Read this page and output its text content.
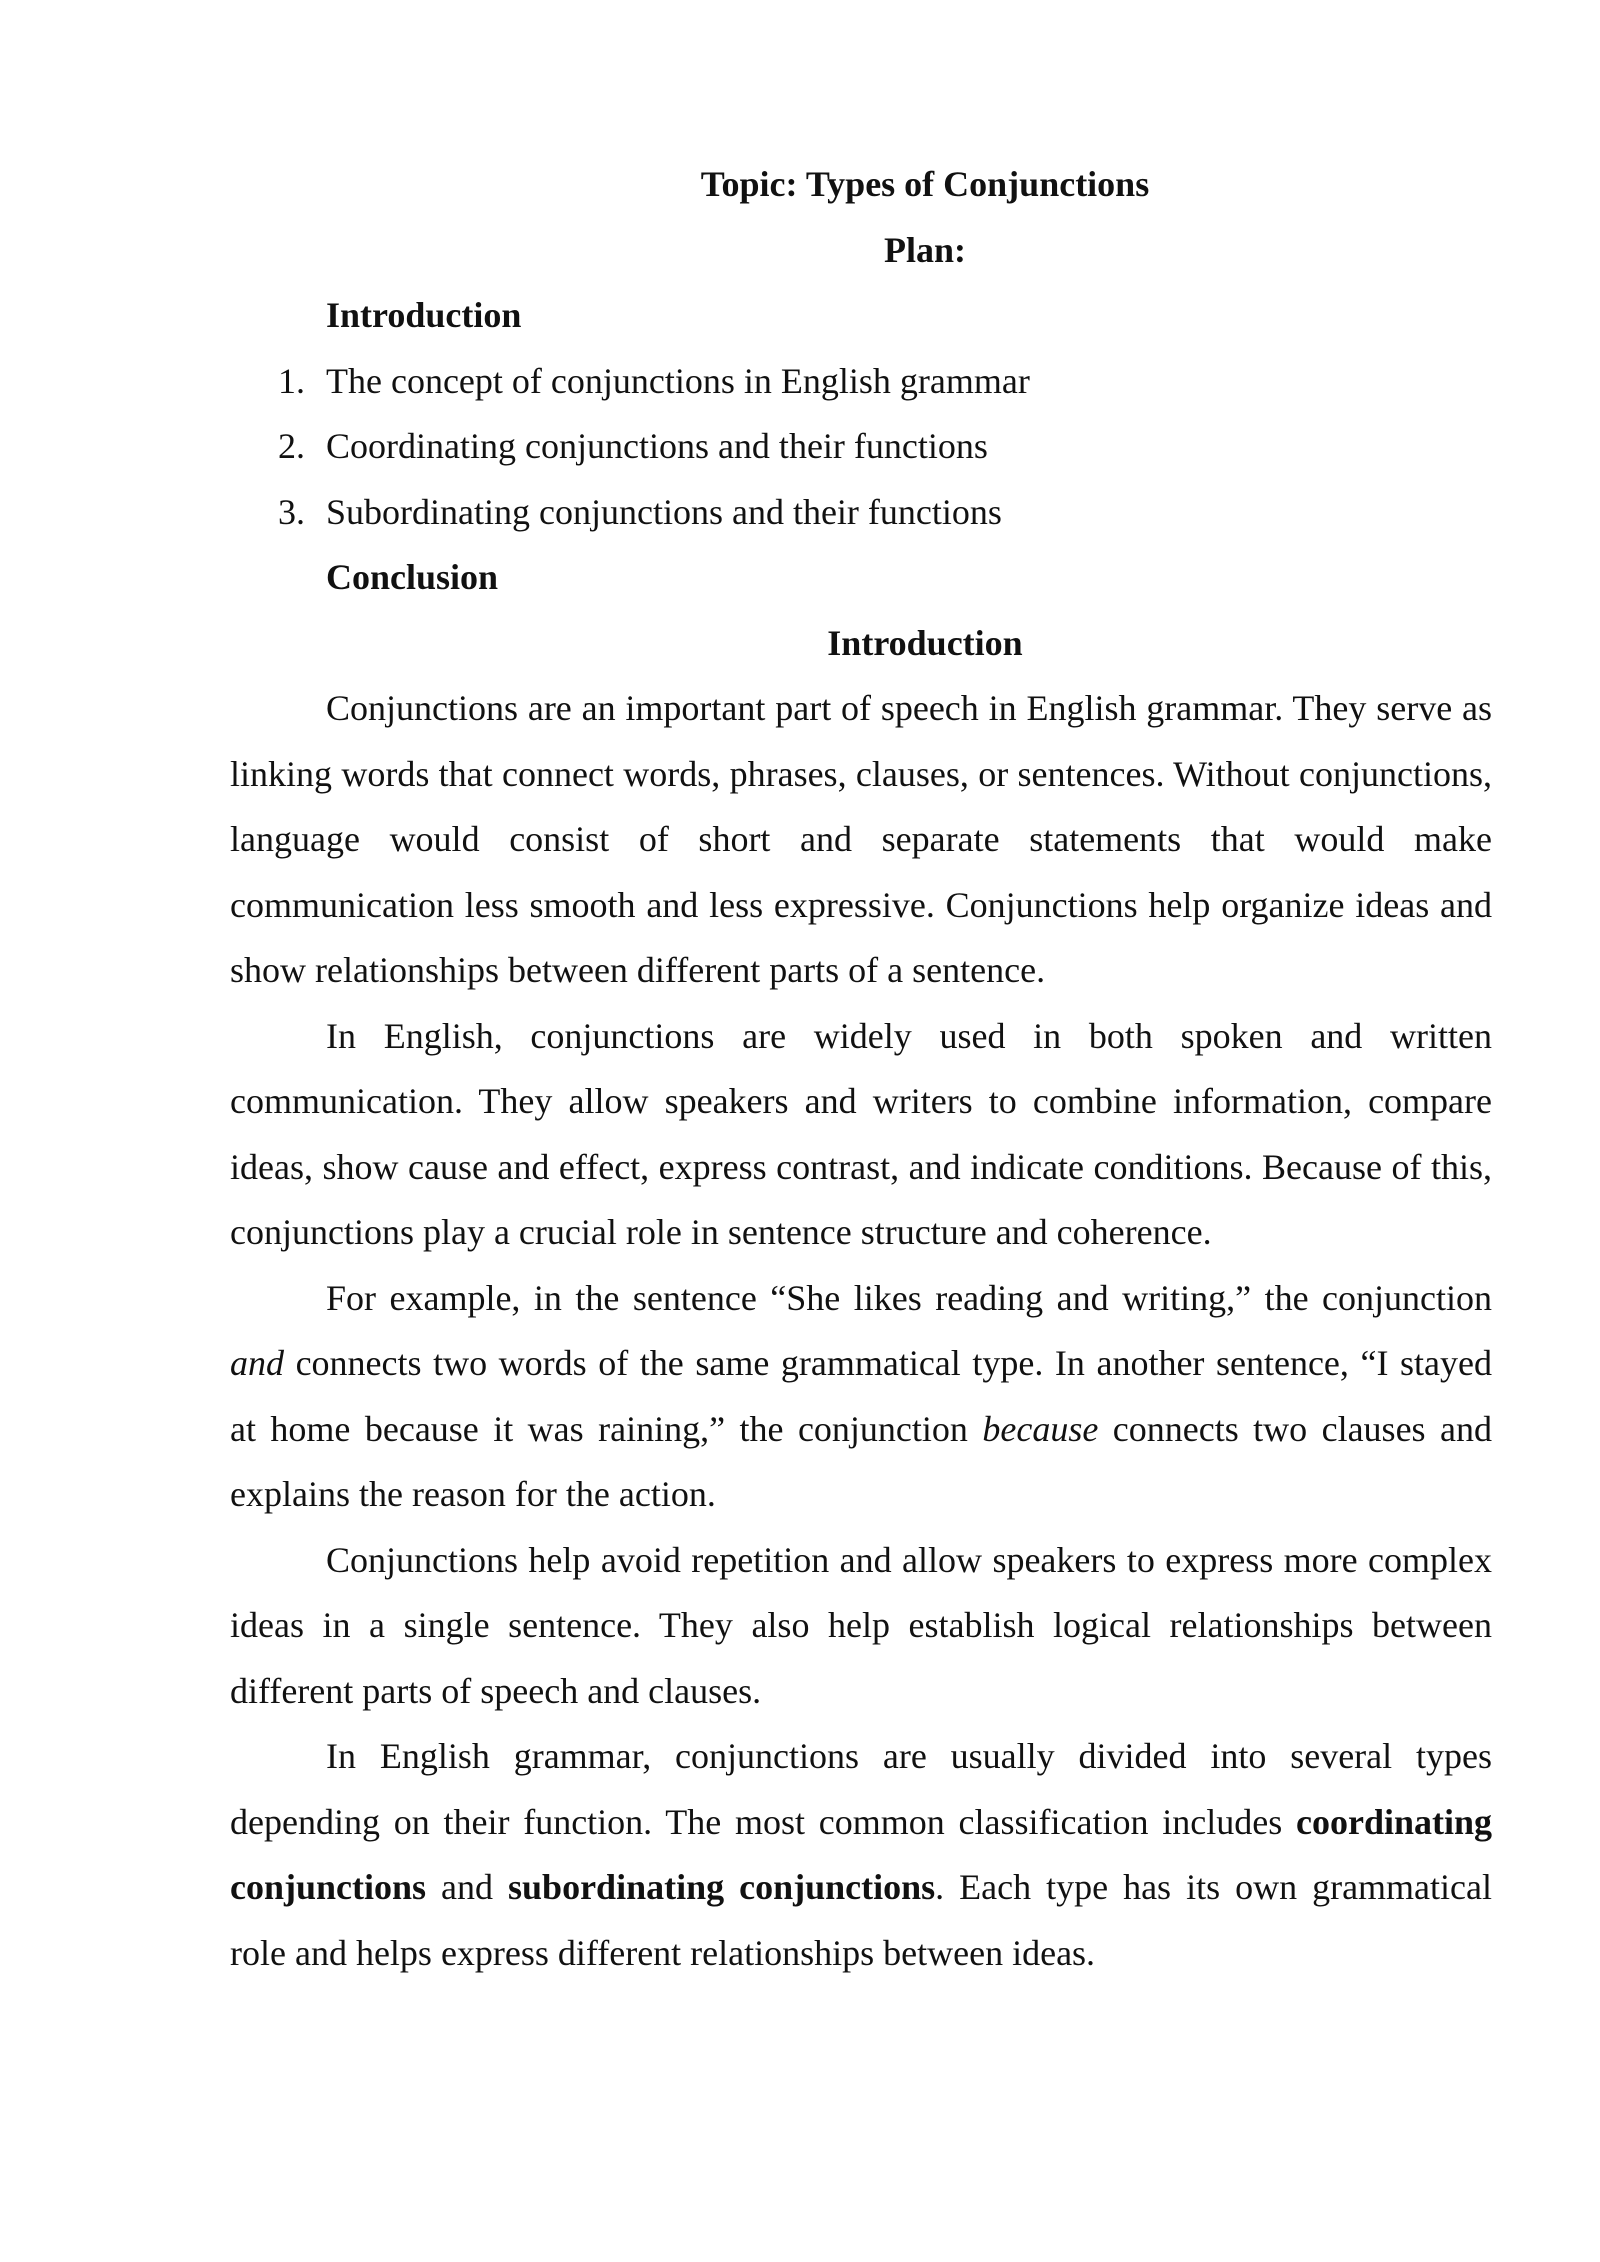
Topic: Types of Conjunctions
Plan:
Introduction
1. The concept of conjunctions in English grammar
2. Coordinating conjunctions and their functions
3. Subordinating conjunctions and their functions
Conclusion
Introduction

Conjunctions are an important part of speech in English grammar. They serve as linking words that connect words, phrases, clauses, or sentences. Without conjunctions, language would consist of short and separate statements that would make communication less smooth and less expressive. Conjunctions help organize ideas and show relationships between different parts of a sentence.

In English, conjunctions are widely used in both spoken and written communication. They allow speakers and writers to combine information, compare ideas, show cause and effect, express contrast, and indicate conditions. Because of this, conjunctions play a crucial role in sentence structure and coherence.

For example, in the sentence “She likes reading and writing,” the conjunction and connects two words of the same grammatical type. In another sentence, “I stayed at home because it was raining,” the conjunction because connects two clauses and explains the reason for the action.

Conjunctions help avoid repetition and allow speakers to express more complex ideas in a single sentence. They also help establish logical relationships between different parts of speech and clauses.

In English grammar, conjunctions are usually divided into several types depending on their function. The most common classification includes coordinating conjunctions and subordinating conjunctions. Each type has its own grammatical role and helps express different relationships between ideas.
